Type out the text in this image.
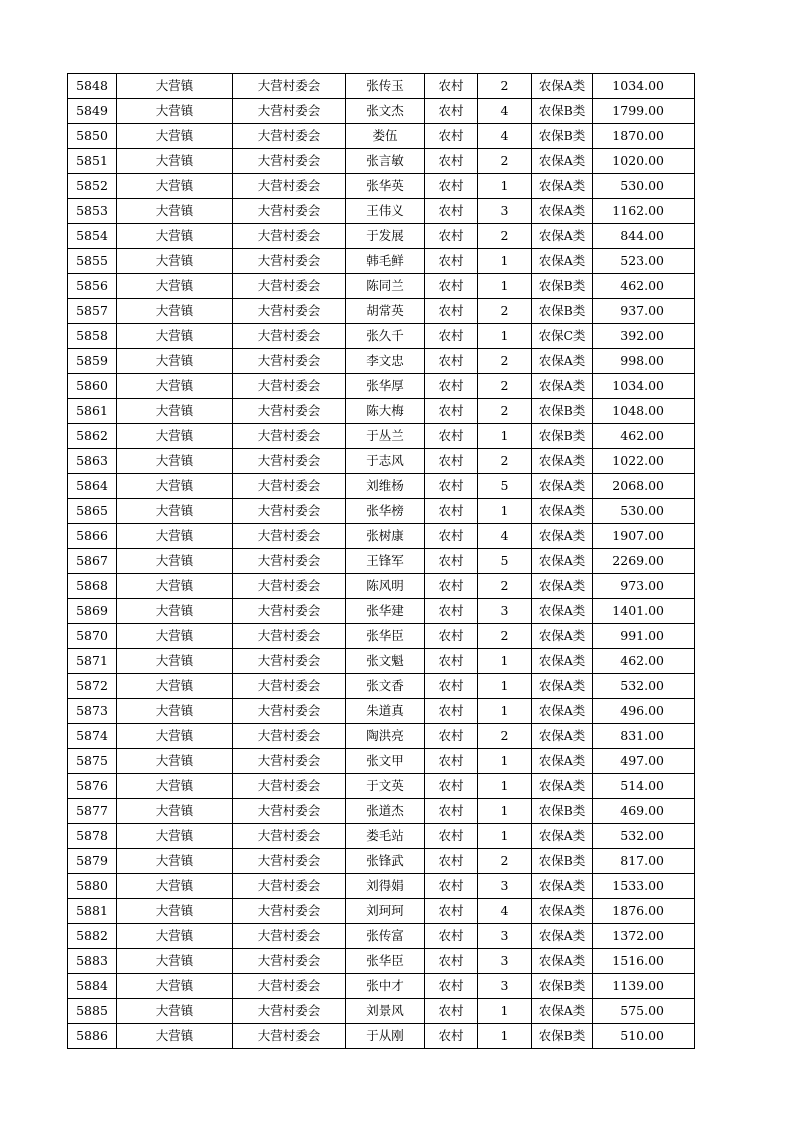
5848	大营镇	大营村委会	张传玉	农村	2	农保A类	1034.00
5849	大营镇	大营村委会	张文杰	农村	4	农保B类	1799.00
5850	大营镇	大营村委会	娄伍	农村	4	农保B类	1870.00
5851	大营镇	大营村委会	张言敏	农村	2	农保A类	1020.00
5852	大营镇	大营村委会	张华英	农村	1	农保A类	530.00
5853	大营镇	大营村委会	王伟义	农村	3	农保A类	1162.00
5854	大营镇	大营村委会	于发展	农村	2	农保A类	844.00
5855	大营镇	大营村委会	韩毛鲜	农村	1	农保A类	523.00
5856	大营镇	大营村委会	陈同兰	农村	1	农保B类	462.00
5857	大营镇	大营村委会	胡常英	农村	2	农保B类	937.00
5858	大营镇	大营村委会	张久千	农村	1	农保C类	392.00
5859	大营镇	大营村委会	李文忠	农村	2	农保A类	998.00
5860	大营镇	大营村委会	张华厚	农村	2	农保A类	1034.00
5861	大营镇	大营村委会	陈大梅	农村	2	农保B类	1048.00
5862	大营镇	大营村委会	于丛兰	农村	1	农保B类	462.00
5863	大营镇	大营村委会	于志风	农村	2	农保A类	1022.00
5864	大营镇	大营村委会	刘维杨	农村	5	农保A类	2068.00
5865	大营镇	大营村委会	张华榜	农村	1	农保A类	530.00
5866	大营镇	大营村委会	张树康	农村	4	农保A类	1907.00
5867	大营镇	大营村委会	王锋军	农村	5	农保A类	2269.00
5868	大营镇	大营村委会	陈风明	农村	2	农保A类	973.00
5869	大营镇	大营村委会	张华建	农村	3	农保A类	1401.00
5870	大营镇	大营村委会	张华臣	农村	2	农保A类	991.00
5871	大营镇	大营村委会	张文魁	农村	1	农保A类	462.00
5872	大营镇	大营村委会	张文香	农村	1	农保A类	532.00
5873	大营镇	大营村委会	朱道真	农村	1	农保A类	496.00
5874	大营镇	大营村委会	陶洪亮	农村	2	农保A类	831.00
5875	大营镇	大营村委会	张文甲	农村	1	农保A类	497.00
5876	大营镇	大营村委会	于文英	农村	1	农保A类	514.00
5877	大营镇	大营村委会	张道杰	农村	1	农保B类	469.00
5878	大营镇	大营村委会	娄毛站	农村	1	农保A类	532.00
5879	大营镇	大营村委会	张锋武	农村	2	农保B类	817.00
5880	大营镇	大营村委会	刘得娟	农村	3	农保A类	1533.00
5881	大营镇	大营村委会	刘珂珂	农村	4	农保A类	1876.00
5882	大营镇	大营村委会	张传富	农村	3	农保A类	1372.00
5883	大营镇	大营村委会	张华臣	农村	3	农保A类	1516.00
5884	大营镇	大营村委会	张中才	农村	3	农保B类	1139.00
5885	大营镇	大营村委会	刘景风	农村	1	农保A类	575.00
5886	大营镇	大营村委会	于从刚	农村	1	农保B类	510.00
